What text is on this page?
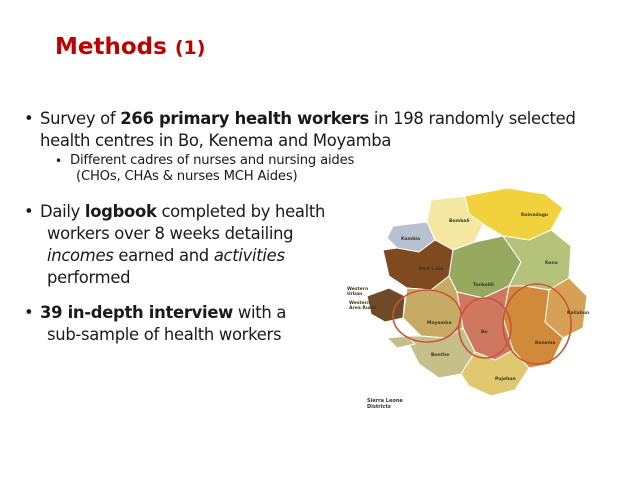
Methods (1)
• Survey of 266 primary health workers in 198 randomly selected
health centres in Bo, Kenema and Moyamba
• Different cadres of nurses and nursing aides
(CHOs, CHAs & nurses MCH Aides)
• Daily logbook completed by health
workers over 8 weeks detailing
incomes earned and activities
performed
• 39 in-depth interview with a
sub-sample of health workers
Koinadugu
Bombali
Kambia
Port Loko
Tonkolili
Kono
Kailahun
Kenema
Bo
Moyamba
Bonthe
Pujehun
Western
Urban
Western
Area Rural
Sierra Leone
Districts
